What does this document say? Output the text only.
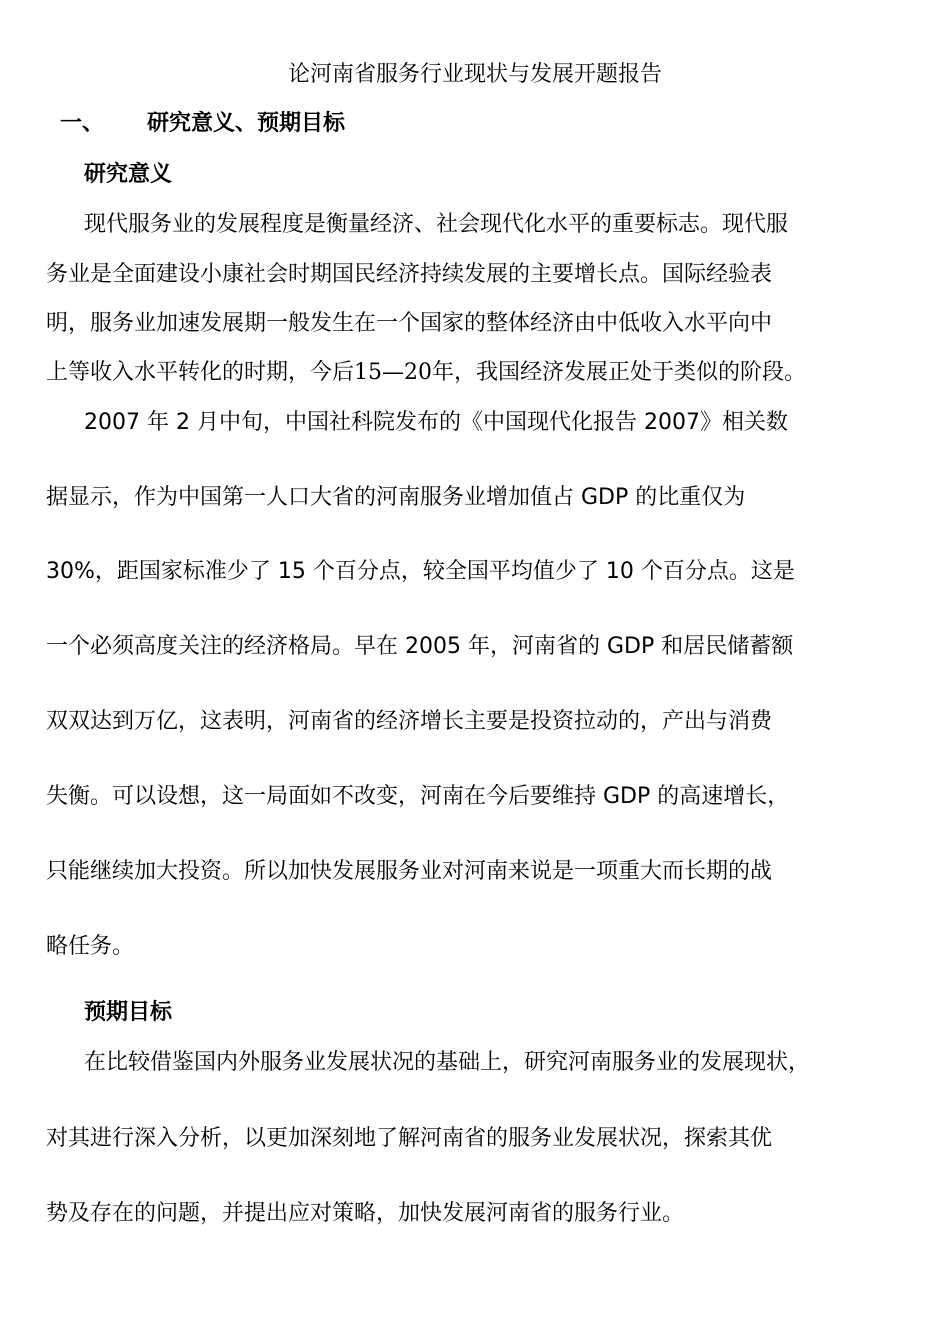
论河南省服务行业现状与发展开题报告
一、 研究意义、预期目标
研究意义
现代服务业的发展程度是衡量经济、社会现代化水平的重要标志。现代服
务业是全面建设小康社会时期国民经济持续发展的主要增长点。国际经验表
明，服务业加速发展期一般发生在一个国家的整体经济由中低收入水平向中
上等收入水平转化的时期，今后15—20年，我国经济发展正处于类似的阶段。
2007 年 2 月中旬，中国社科院发布的《中国现代化报告 2007》相关数
据显示，作为中国第一人口大省的河南服务业增加值占 GDP 的比重仅为
30%，距国家标准少了 15 个百分点，较全国平均值少了 10 个百分点。这是
一个必须高度关注的经济格局。早在 2005 年，河南省的 GDP 和居民储蓄额
双双达到万亿，这表明，河南省的经济增长主要是投资拉动的，产出与消费
失衡。可以设想，这一局面如不改变，河南在今后要维持 GDP 的高速增长，
只能继续加大投资。所以加快发展服务业对河南来说是一项重大而长期的战
略任务。
预期目标
在比较借鉴国内外服务业发展状况的基础上，研究河南服务业的发展现状，
对其进行深入分析，以更加深刻地了解河南省的服务业发展状况，探索其优
势及存在的问题，并提出应对策略，加快发展河南省的服务行业。
